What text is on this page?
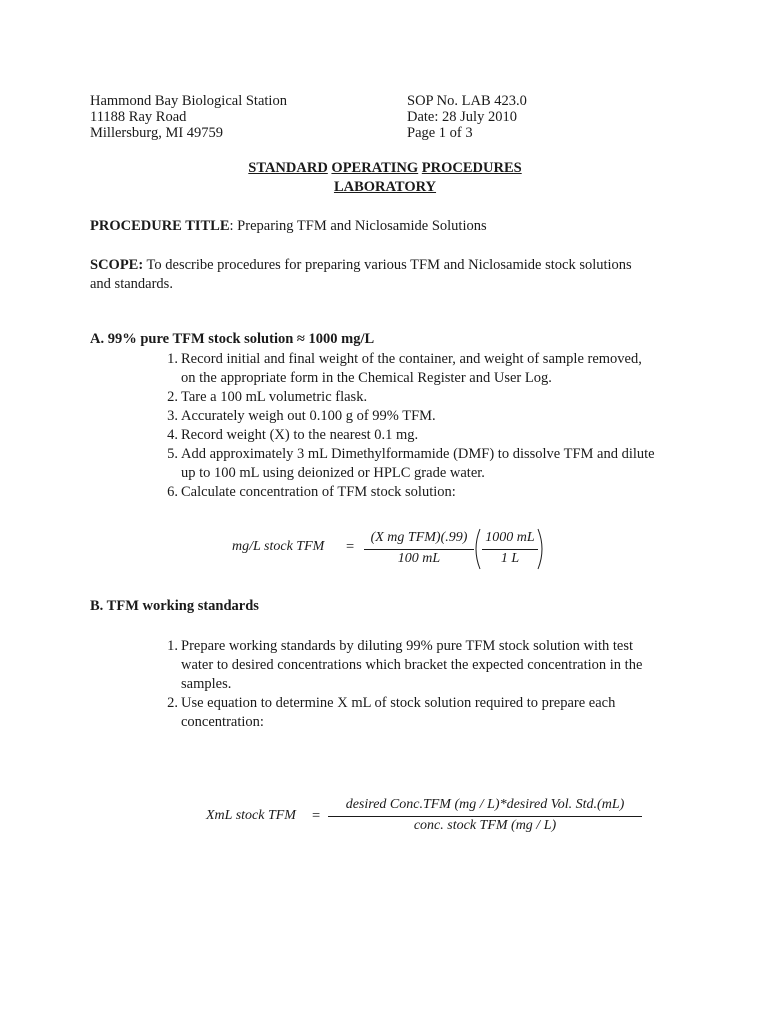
Hammond Bay Biological Station
11188 Ray Road
Millersburg, MI 49759
SOP No. LAB 423.0
Date: 28 July 2010
Page 1 of 3
STANDARD OPERATING PROCEDURES
LABORATORY
PROCEDURE TITLE: Preparing TFM and Niclosamide Solutions
SCOPE: To describe procedures for preparing various TFM and Niclosamide stock solutions
and standards.
A. 99% pure TFM stock solution ≈ 1000 mg/L
1. Record initial and final weight of the container, and weight of sample removed,
on the appropriate form in the Chemical Register and User Log.
2. Tare a 100 mL volumetric flask.
3. Accurately weigh out 0.100 g of 99% TFM.
4. Record weight (X) to the nearest 0.1 mg.
5. Add approximately 3 mL Dimethylformamide (DMF) to dissolve TFM and dilute
up to 100 mL using deionized or HPLC grade water.
6. Calculate concentration of TFM stock solution:
mg/L stock TFM =
(X mg TFM)(.99)
100 mL
1000 mL
1 L
B. TFM working standards
1. Prepare working standards by diluting 99% pure TFM stock solution with test
water to desired concentrations which bracket the expected concentration in the
samples.
2. Use equation to determine X mL of stock solution required to prepare each
concentration:
XmL stock TFM =
desired Conc.TFM (mg / L)*desired Vol. Std.(mL)
conc. stock TFM (mg / L)
